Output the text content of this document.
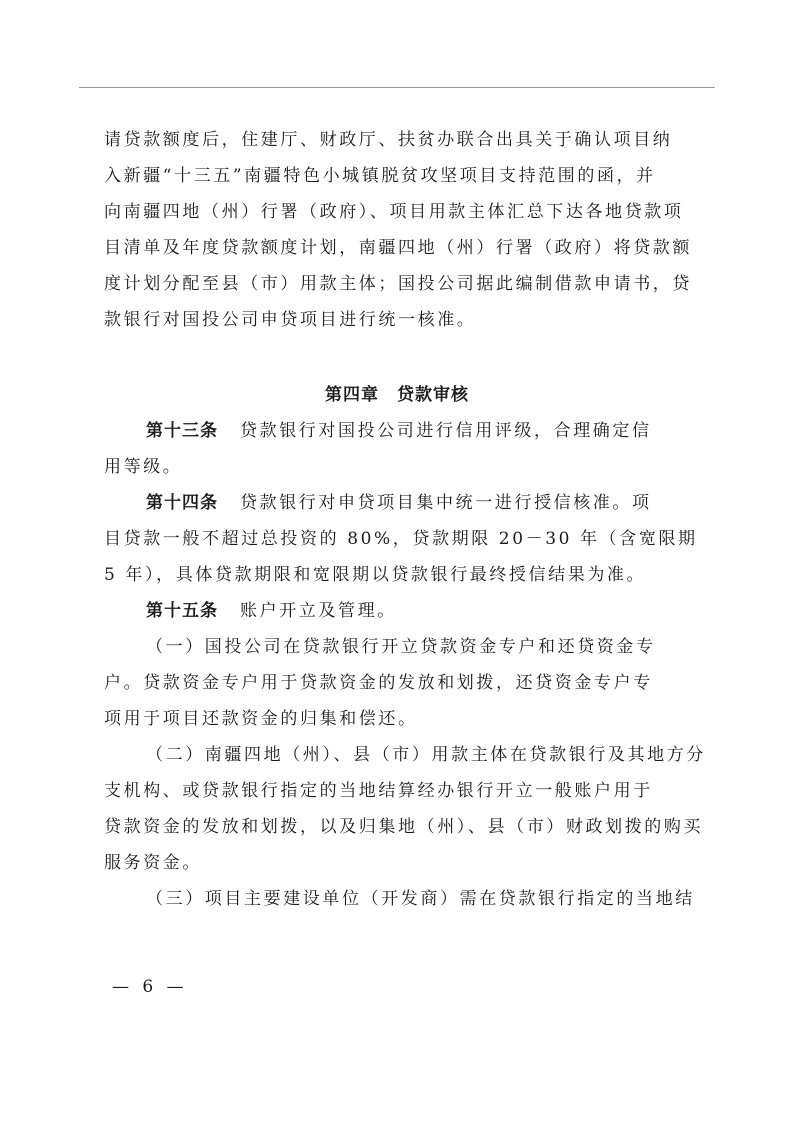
请贷款额度后，住建厅、财政厅、扶贫办联合出具关于确认项目纳
入新疆“十三五”南疆特色小城镇脱贫攻坚项目支持范围的函，并
向南疆四地（州）行署（政府）、项目用款主体汇总下达各地贷款项
目清单及年度贷款额度计划，南疆四地（州）行署（政府）将贷款额
度计划分配至县（市）用款主体；国投公司据此编制借款申请书，贷
款银行对国投公司申贷项目进行统一核准。
第四章　贷款审核
第十三条 贷款银行对国投公司进行信用评级，合理确定信
用等级。
第十四条 贷款银行对申贷项目集中统一进行授信核准。项
目贷款一般不超过总投资的 80%，贷款期限 20－30 年（含宽限期
5 年），具体贷款期限和宽限期以贷款银行最终授信结果为准。
第十五条 账户开立及管理。
（一）国投公司在贷款银行开立贷款资金专户和还贷资金专
户。贷款资金专户用于贷款资金的发放和划拨，还贷资金专户专
项用于项目还款资金的归集和偿还。
（二）南疆四地（州）、县（市）用款主体在贷款银行及其地方分
支机构、或贷款银行指定的当地结算经办银行开立一般账户用于
贷款资金的发放和划拨，以及归集地（州）、县（市）财政划拨的购买
服务资金。
（三）项目主要建设单位（开发商）需在贷款银行指定的当地结
— 6 —
